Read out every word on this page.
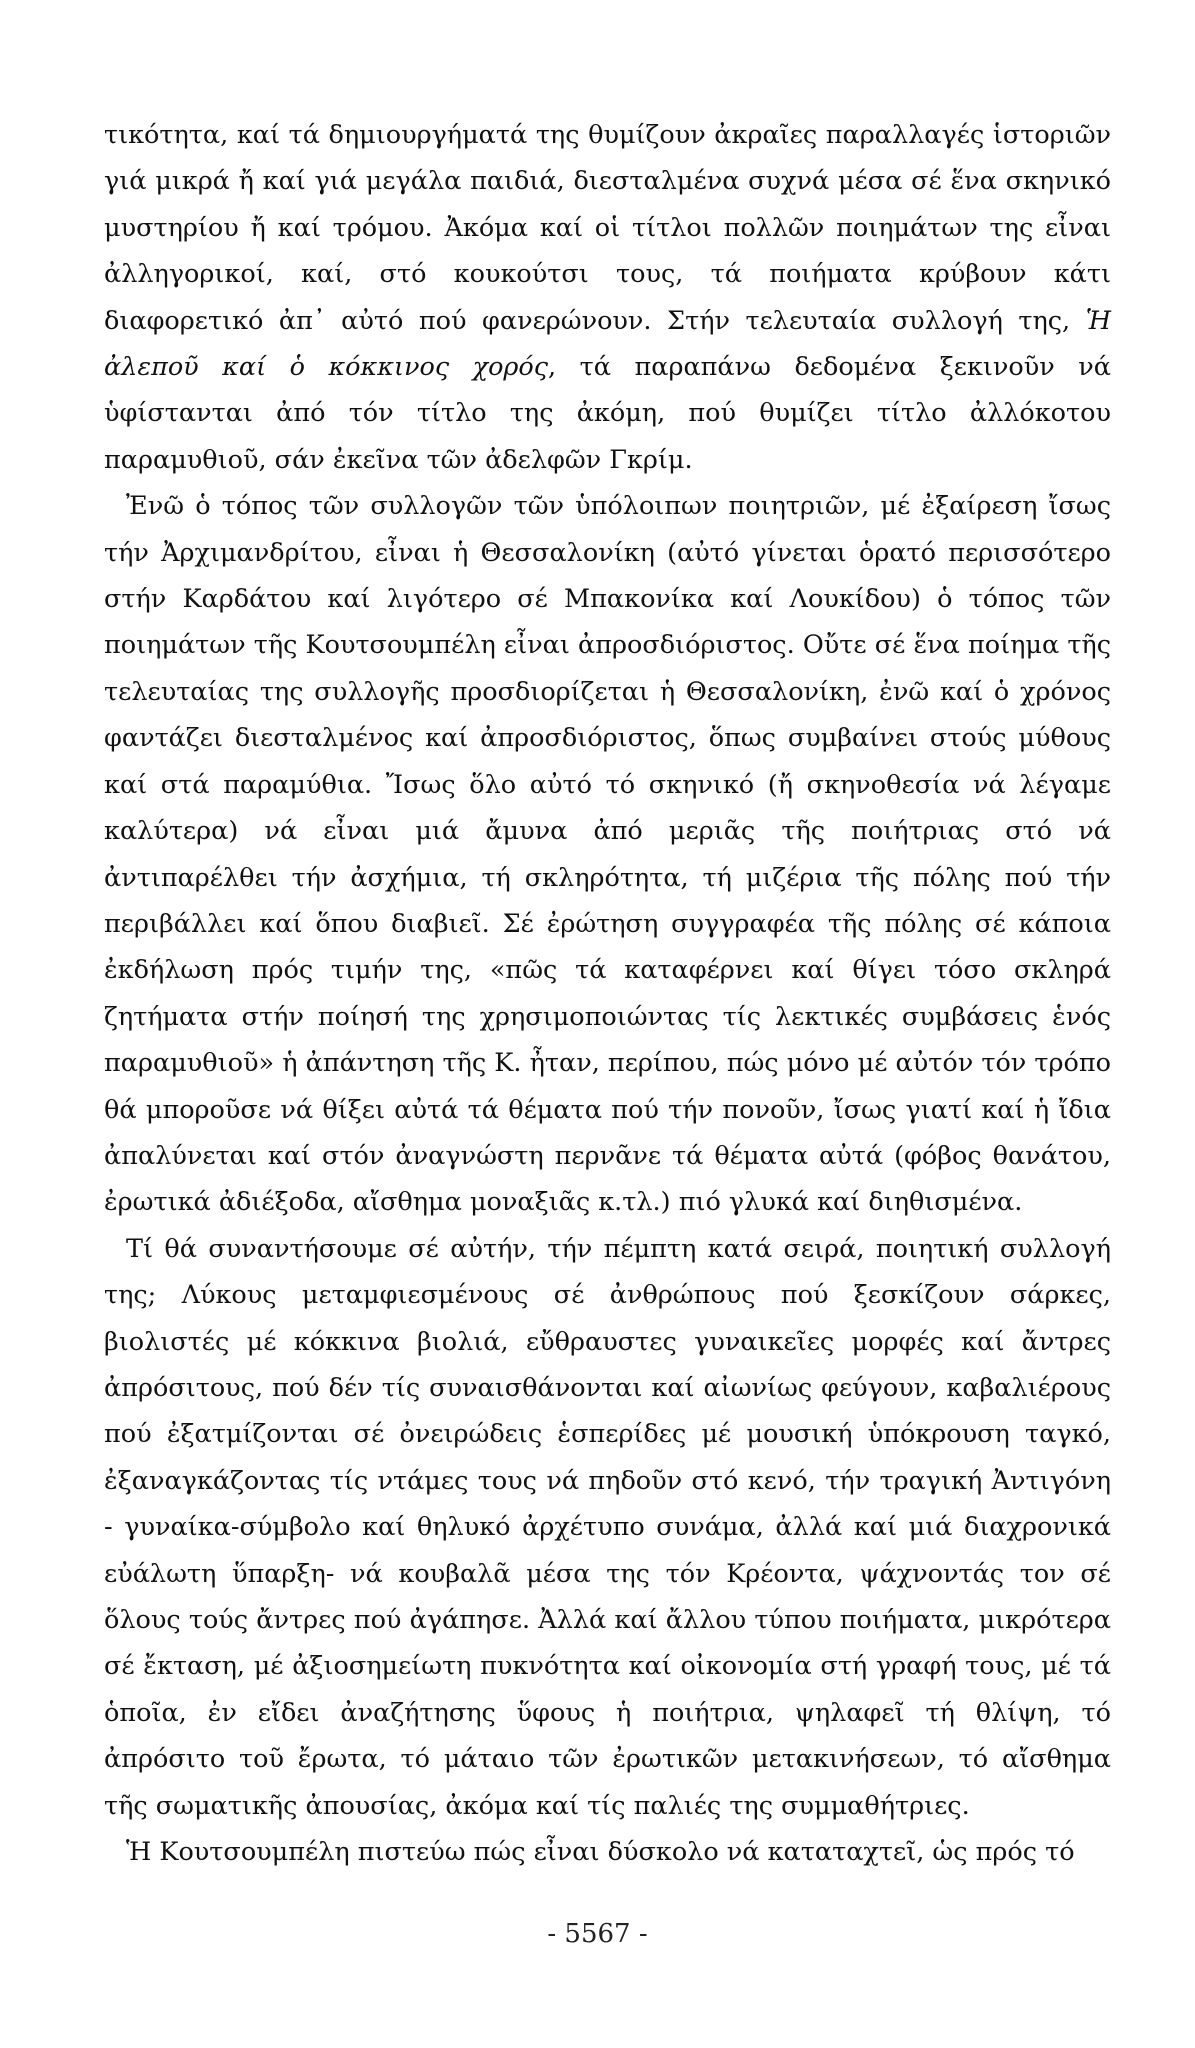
τικότητα, καί τά δημιουργήματά της θυμίζουν ἀκραῖες παραλλαγές ἱστοριῶν γιά μικρά ἤ καί γιά μεγάλα παιδιά, διεσταλμένα συχνά μέσα σέ ἕνα σκηνικό μυστηρίου ἤ καί τρόμου. Ἀκόμα καί οἱ τίτλοι πολλῶν ποιημάτων της εἶναι ἀλληγορικοί, καί, στό κουκούτσι τους, τά ποιήματα κρύβουν κάτι διαφορετικό ἀπ᾽ αὐτό πού φανερώνουν. Στήν τελευταία συλλογή της, Ἡ ἀλεποῦ καί ὁ κόκκινος χορός, τά παραπάνω δεδομένα ξεκινοῦν νά ὑφίστανται ἀπό τόν τίτλο της ἀκόμη, πού θυμίζει τίτλο ἀλλόκοτου παραμυθιοῦ, σάν ἐκεῖνα τῶν ἀδελφῶν Γκρίμ.

Ἐνῶ ὁ τόπος τῶν συλλογῶν τῶν ὑπόλοιπων ποιητριῶν, μέ ἐξαίρεση ἴσως τήν Ἀρχιμανδρίτου, εἶναι ἡ Θεσσαλονίκη (αὐτό γίνεται ὁρατό περισσότερο στήν Καρδάτου καί λιγότερο σέ Μπακονίκα καί Λουκίδου) ὁ τόπος τῶν ποιημάτων τῆς Κουτσουμπέλη εἶναι ἀπροσδιόριστος. Οὔτε σέ ἕνα ποίημα τῆς τελευταίας της συλλογῆς προσδιορίζεται ἡ Θεσσαλονίκη, ἐνῶ καί ὁ χρόνος φαντάζει διεσταλμένος καί ἀπροσδιόριστος, ὅπως συμβαίνει στούς μύθους καί στά παραμύθια. Ἴσως ὅλο αὐτό τό σκηνικό (ἤ σκηνοθεσία νά λέγαμε καλύτερα) νά εἶναι μιά ἄμυνα ἀπό μεριᾶς τῆς ποιήτριας στό νά ἀντιπαρέλθει τήν ἀσχήμια, τή σκληρότητα, τή μιζέρια τῆς πόλης πού τήν περιβάλλει καί ὅπου διαβιεῖ. Σέ ἐρώτηση συγγραφέα τῆς πόλης σέ κάποια ἐκδήλωση πρός τιμήν της, «πῶς τά καταφέρνει καί θίγει τόσο σκληρά ζητήματα στήν ποίησή της χρησιμοποιώντας τίς λεκτικές συμβάσεις ἑνός παραμυθιοῦ» ἡ ἀπάντηση τῆς Κ. ἦταν, περίπου, πώς μόνο μέ αὐτόν τόν τρόπο θά μποροῦσε νά θίξει αὐτά τά θέματα πού τήν πονοῦν, ἴσως γιατί καί ἡ ἴδια ἀπαλύνεται καί στόν ἀναγνώστη περνᾶνε τά θέματα αὐτά (φόβος θανάτου, ἐρωτικά ἀδιέξοδα, αἴσθημα μοναξιᾶς κ.τλ.) πιό γλυκά καί διηθισμένα.

Τί θά συναντήσουμε σέ αὐτήν, τήν πέμπτη κατά σειρά, ποιητική συλλογή της; Λύκους μεταμφιεσμένους σέ ἀνθρώπους πού ξεσκίζουν σάρκες, βιολιστές μέ κόκκινα βιολιά, εὔθραυστες γυναικεῖες μορφές καί ἄντρες ἀπρόσιτους, πού δέν τίς συναισθάνονται καί αἰωνίως φεύγουν, καβαλιέρους πού ἐξατμίζονται σέ ὀνειρώδεις ἑσπερίδες μέ μουσική ὑπόκρουση ταγκό, ἐξαναγκάζοντας τίς ντάμες τους νά πηδοῦν στό κενό, τήν τραγική Ἀντιγόνη - γυναίκα-σύμβολο καί θηλυκό ἀρχέτυπο συνάμα, ἀλλά καί μιά διαχρονικά εὐάλωτη ὕπαρξη- νά κουβαλᾶ μέσα της τόν Κρέοντα, ψάχνοντάς τον σέ ὅλους τούς ἄντρες πού ἀγάπησε. Ἀλλά καί ἄλλου τύπου ποιήματα, μικρότερα σέ ἔκταση, μέ ἀξιοσημείωτη πυκνότητα καί οἰκονομία στή γραφή τους, μέ τά ὁποῖα, ἐν εἴδει ἀναζήτησης ὕφους ἡ ποιήτρια, ψηλαφεῖ τή θλίψη, τό ἀπρόσιτο τοῦ ἔρωτα, τό μάταιο τῶν ἐρωτικῶν μετακινήσεων, τό αἴσθημα τῆς σωματικῆς ἀπουσίας, ἀκόμα καί τίς παλιές της συμμαθήτριες.

Ἡ Κουτσουμπέλη πιστεύω πώς εἶναι δύσκολο νά καταταχτεῖ, ὡς πρός τό

- 5567 -
